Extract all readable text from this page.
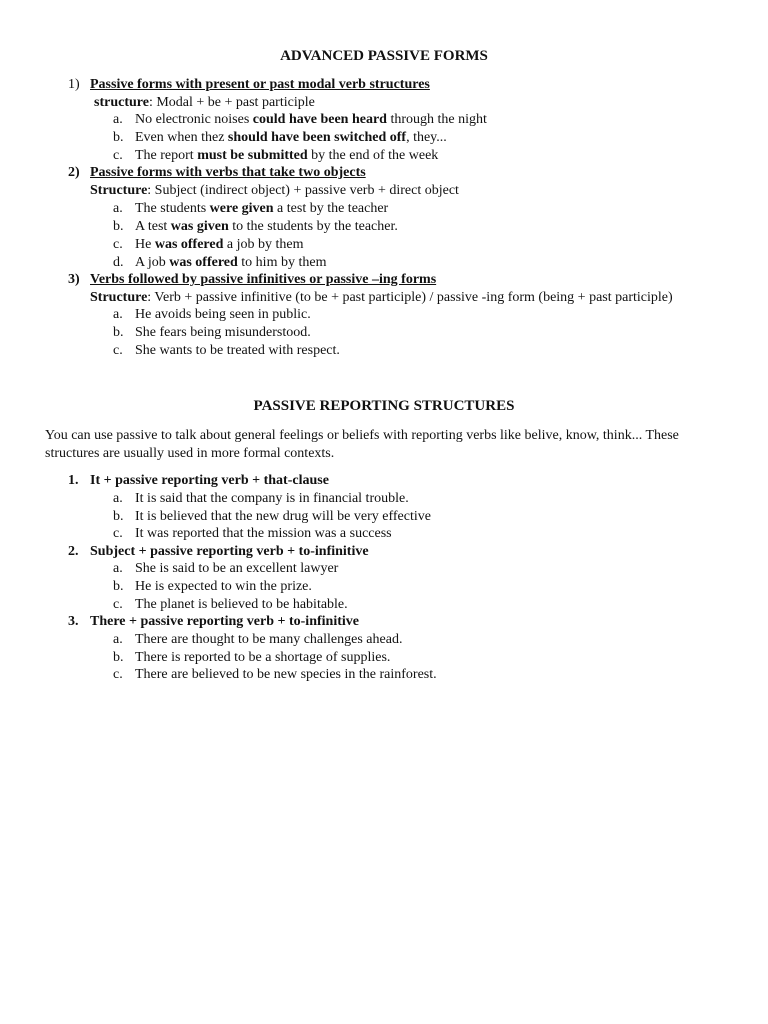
ADVANCED PASSIVE FORMS
1) Passive forms with present or past modal verb structures
structure: Modal + be + past participle
a. No electronic noises could have been heard through the night
b. Even when thez should have been switched off, they...
c. The report must be submitted by the end of the week
2) Passive forms with verbs that take two objects
Structure: Subject (indirect object) + passive verb + direct object
a. The students were given a test by the teacher
b. A test was given to the students by the teacher.
c. He was offered a job by them
d. A job was offered to him by them
3) Verbs followed by passive infinitives or passive –ing forms
Structure: Verb + passive infinitive (to be + past participle) / passive -ing form (being + past participle)
a. He avoids being seen in public.
b. She fears being misunderstood.
c. She wants to be treated with respect.
PASSIVE REPORTING STRUCTURES
You can use passive to talk about general feelings or beliefs with reporting verbs like belive, know, think... These
structures are usually used in more formal contexts.
1. It + passive reporting verb + that-clause
a. It is said that the company is in financial trouble.
b. It is believed that the new drug will be very effective
c. It was reported that the mission was a success
2. Subject + passive reporting verb + to-infinitive
a. She is said to be an excellent lawyer
b. He is expected to win the prize.
c. The planet is believed to be habitable.
3. There + passive reporting verb + to-infinitive
a. There are thought to be many challenges ahead.
b. There is reported to be a shortage of supplies.
c. There are believed to be new species in the rainforest.
